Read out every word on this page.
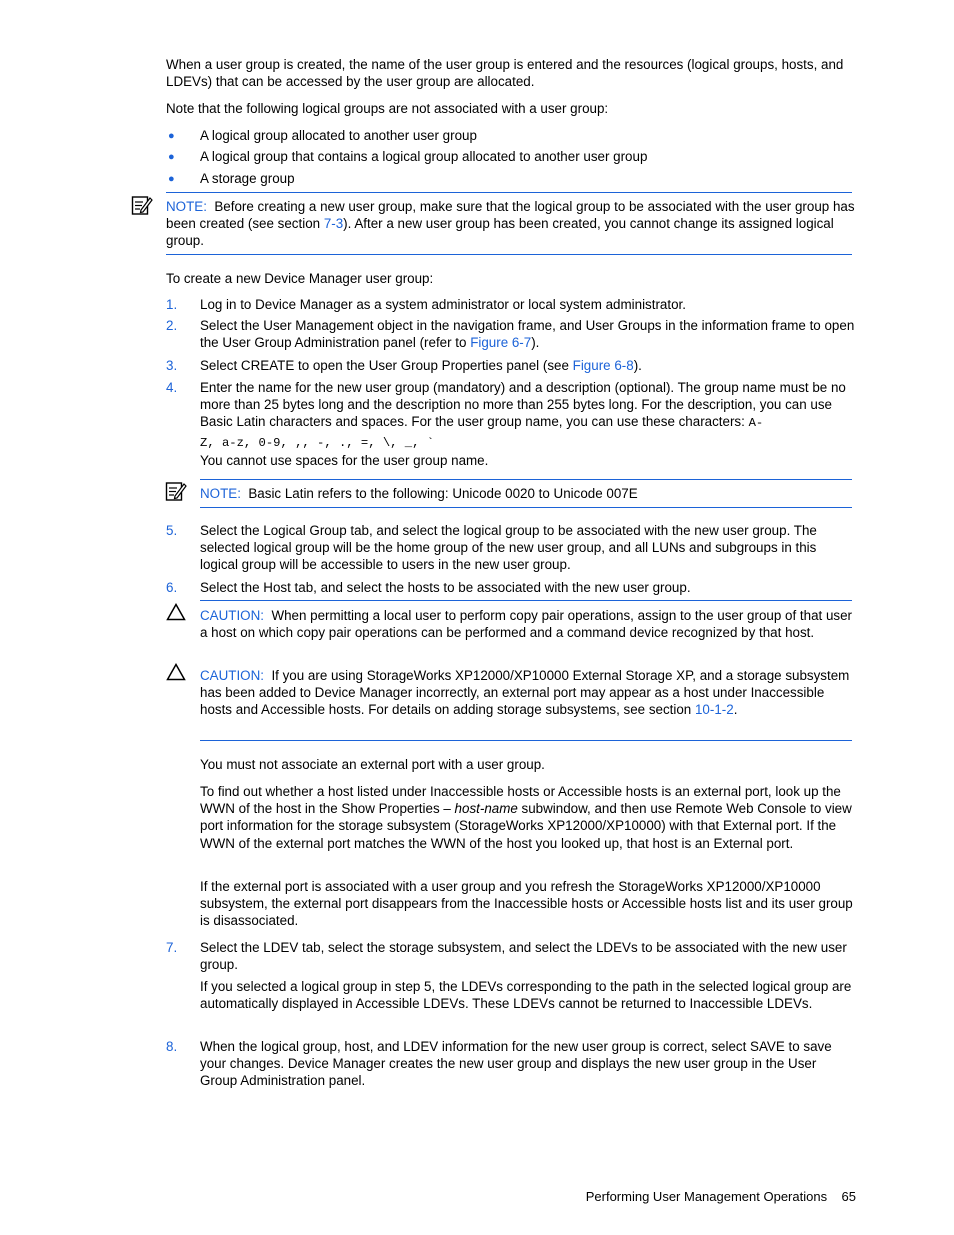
When a user group is created, the name of the user group is entered and the resources (logical groups, hosts, and LDEVs) that can be accessed by the user group are allocated.

Note that the following logical groups are not associated with a user group:

● A logical group allocated to another user group

● A logical group that contains a logical group allocated to another user group

● A storage group

NOTE: Before creating a new user group, make sure that the logical group to be associated with the user group has been created (see section 7-3). After a new user group has been created, you cannot change its assigned logical group.

To create a new Device Manager user group:

1. Log in to Device Manager as a system administrator or local system administrator.

2. Select the User Management object in the navigation frame, and User Groups in the information frame to open the User Group Administration panel (refer to Figure 6-7).

3. Select CREATE to open the User Group Properties panel (see Figure 6-8).

4. Enter the name for the new user group (mandatory) and a description (optional). The group name must be no more than 25 bytes long and the description no more than 255 bytes long. For the description, you can use Basic Latin characters and spaces. For the user group name, you can use these characters: A-
Z, a-z, 0-9, ,, -, ., =, \, _, `

You cannot use spaces for the user group name.

NOTE: Basic Latin refers to the following: Unicode 0020 to Unicode 007E

5. Select the Logical Group tab, and select the logical group to be associated with the new user group. The selected logical group will be the home group of the new user group, and all LUNs and subgroups in this logical group will be accessible to users in the new user group.

6. Select the Host tab, and select the hosts to be associated with the new user group.

CAUTION: When permitting a local user to perform copy pair operations, assign to the user group of that user a host on which copy pair operations can be performed and a command device recognized by that host.

CAUTION: If you are using StorageWorks XP12000/XP10000 External Storage XP, and a storage subsystem has been added to Device Manager incorrectly, an external port may appear as a host under Inaccessible hosts and Accessible hosts. For details on adding storage subsystems, see section 10-1-2.

You must not associate an external port with a user group.

To find out whether a host listed under Inaccessible hosts or Accessible hosts is an external port, look up the WWN of the host in the Show Properties – host-name subwindow, and then use Remote Web Console to view port information for the storage subsystem (StorageWorks XP12000/XP10000) with that External port. If the WWN of the external port matches the WWN of the host you looked up, that host is an External port.

If the external port is associated with a user group and you refresh the StorageWorks XP12000/XP10000 subsystem, the external port disappears from the Inaccessible hosts or Accessible hosts list and its user group is disassociated.

7. Select the LDEV tab, select the storage subsystem, and select the LDEVs to be associated with the new user group.

If you selected a logical group in step 5, the LDEVs corresponding to the path in the selected logical group are automatically displayed in Accessible LDEVs. These LDEVs cannot be returned to Inaccessible LDEVs.

8. When the logical group, host, and LDEV information for the new user group is correct, select SAVE to save your changes. Device Manager creates the new user group and displays the new user group in the User Group Administration panel.

Performing User Management Operations 65
